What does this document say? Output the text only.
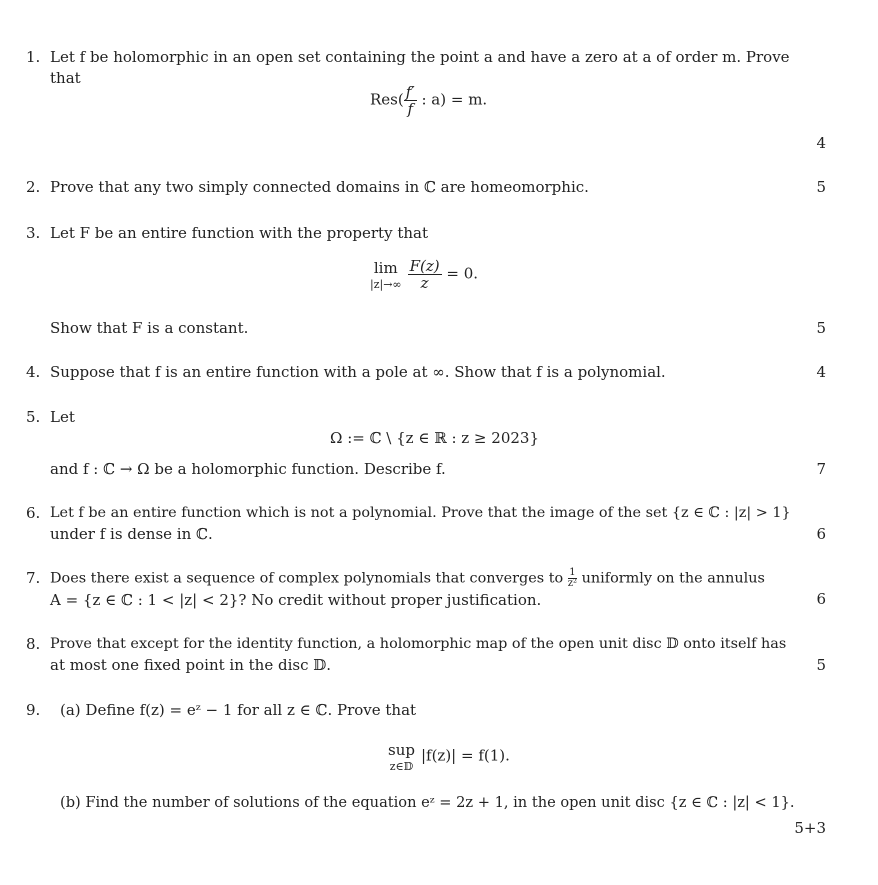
1. Let f be holomorphic in an open set containing the point a and have a zero at a of order m. Prove
that
$Res( \frac{f'}{f}$ : a) = m.
4
2. Prove that any two simply connected domains in ℂ are homeomorphic.	5
3. Let F be an entire function with the property that
lim
$|z|\to\infty \frac{F(z)}{z} = 0$.
Show that F is a constant.	5
4. Suppose that f is an entire function with a pole at ∞. Show that f is a polynomial.	4
5. Let
Ω := ℂ \ {z ∈ ℝ : z ≥ 2023}
and f : ℂ → Ω be a holomorphic function. Describe f.	7
6. Let f be an entire function which is not a polynomial. Prove that the image of the set {z ∈ ℂ : |z| > 1}
under f is dense in ℂ.	6
7. Does there exist a sequence of complex polynomials that converges to $\frac{1}{\text{z²}}$ uniformly on the annulus
A = {z ∈ ℂ : 1 < |z| < 2}? No credit without proper justification.	6
8. Prove that except for the identity function, a holomorphic map of the open unit disc 𝔻 onto itself has
at most one fixed point in the disc 𝔻.	5
9.	(a) Define f(z) = eᶻ − 1 for all z ∈ ℂ. Prove that
sup
z∈𝔻
|f(z)| = f(1).
(b) Find the number of solutions of the equation eᶻ = 2z + 1, in the open unit disc {z ∈ ℂ : |z| < 1}.
5+3
